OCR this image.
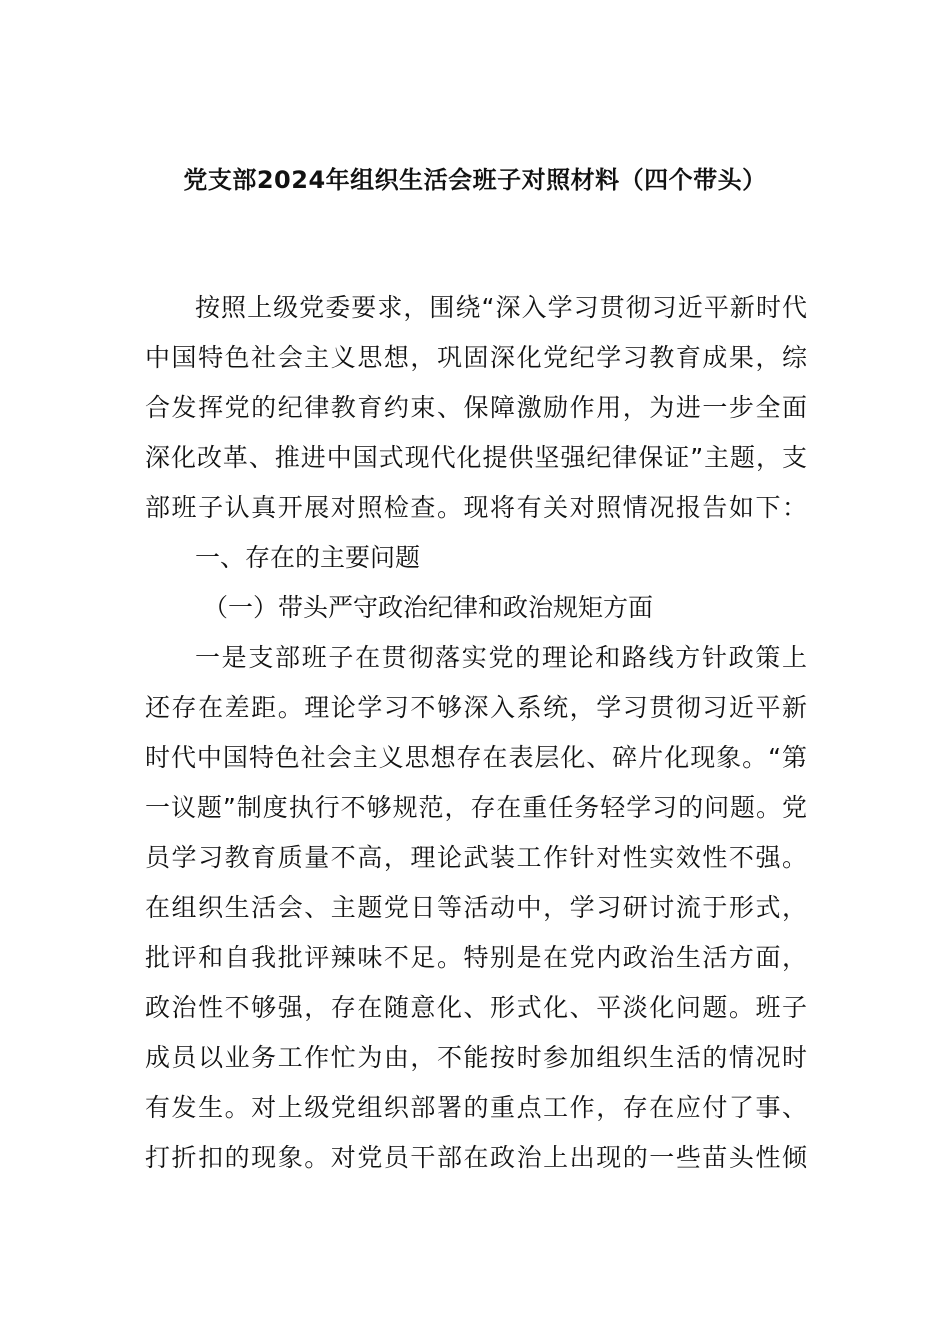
党支部2024年组织生活会班子对照材料（四个带头）
按照上级党委要求，围绕“深入学习贯彻习近平新时代
中国特色社会主义思想，巩固深化党纪学习教育成果，综
合发挥党的纪律教育约束、保障激励作用，为进一步全面
深化改革、推进中国式现代化提供坚强纪律保证”主题，支
部班子认真开展对照检查。现将有关对照情况报告如下：
一、存在的主要问题
（一）带头严守政治纪律和政治规矩方面
一是支部班子在贯彻落实党的理论和路线方针政策上
还存在差距。理论学习不够深入系统，学习贯彻习近平新
时代中国特色社会主义思想存在表层化、碎片化现象。“第
一议题”制度执行不够规范，存在重任务轻学习的问题。党
员学习教育质量不高，理论武装工作针对性实效性不强。
在组织生活会、主题党日等活动中，学习研讨流于形式，
批评和自我批评辣味不足。特别是在党内政治生活方面，
政治性不够强，存在随意化、形式化、平淡化问题。班子
成员以业务工作忙为由，不能按时参加组织生活的情况时
有发生。对上级党组织部署的重点工作，存在应付了事、
打折扣的现象。对党员干部在政治上出现的一些苗头性倾
